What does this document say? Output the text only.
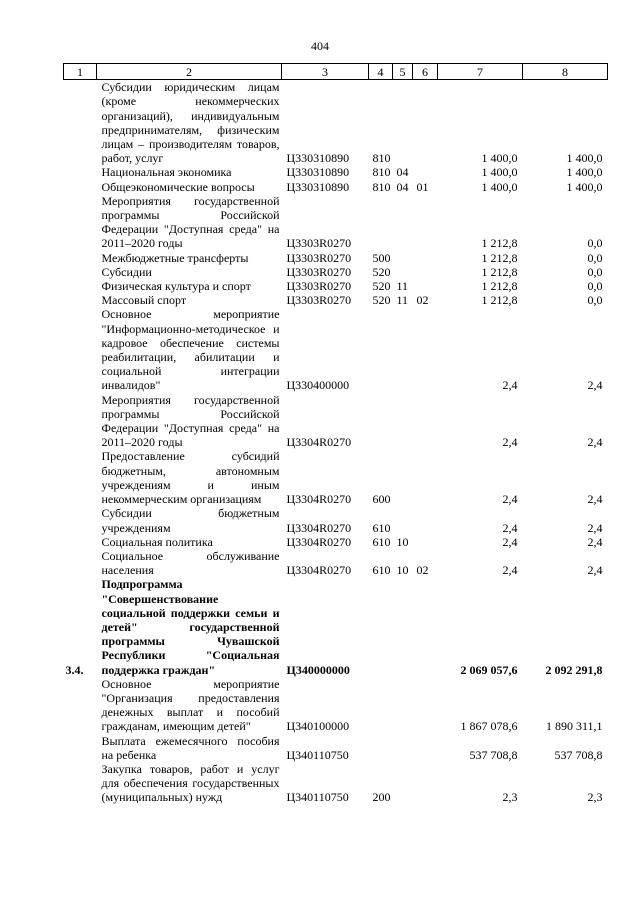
404
1	2	3	4	5	6	7	8
	Субсидии юридическим лицам (кроме некоммерческих организаций), индивидуальным предпринимателям, физическим лицам – производителям товаров, работ, услуг	Ц330310890	810			1 400,0	1 400,0
	Национальная экономика	Ц330310890	810	04		1 400,0	1 400,0
	Общеэкономические вопросы	Ц330310890	810	04	01	1 400,0	1 400,0
	Мероприятия государственной программы Российской Федерации "Доступная среда" на 2011–2020 годы	Ц3303R0270				1 212,8	0,0
	Межбюджетные трансферты	Ц3303R0270	500			1 212,8	0,0
	Субсидии	Ц3303R0270	520			1 212,8	0,0
	Физическая культура и спорт	Ц3303R0270	520	11		1 212,8	0,0
	Массовый спорт	Ц3303R0270	520	11	02	1 212,8	0,0
	Основное мероприятие "Информационно-методическое и кадровое обеспечение системы реабилитации, абилитации и социальной интеграции инвалидов"	Ц330400000				2,4	2,4
	Мероприятия государственной программы Российской Федерации "Доступная среда" на 2011–2020 годы	Ц3304R0270				2,4	2,4
	Предоставление субсидий бюджетным, автономным учреждениям и иным некоммерческим организациям	Ц3304R0270	600			2,4	2,4
	Субсидии бюджетным учреждениям	Ц3304R0270	610			2,4	2,4
	Социальная политика	Ц3304R0270	610	10		2,4	2,4
	Социальное обслуживание населения	Ц3304R0270	610	10	02	2,4	2,4
3.4.	Подпрограмма "Совершенствование социальной поддержки семьи и детей" государственной программы Чувашской Республики "Социальная поддержка граждан"	Ц340000000				2 069 057,6	2 092 291,8
	Основное мероприятие "Организация предоставления денежных выплат и пособий гражданам, имеющим детей"	Ц340100000				1 867 078,6	1 890 311,1
	Выплата ежемесячного пособия на ребенка	Ц340110750				537 708,8	537 708,8
	Закупка товаров, работ и услуг для обеспечения государственных (муниципальных) нужд	Ц340110750	200			2,3	2,3
